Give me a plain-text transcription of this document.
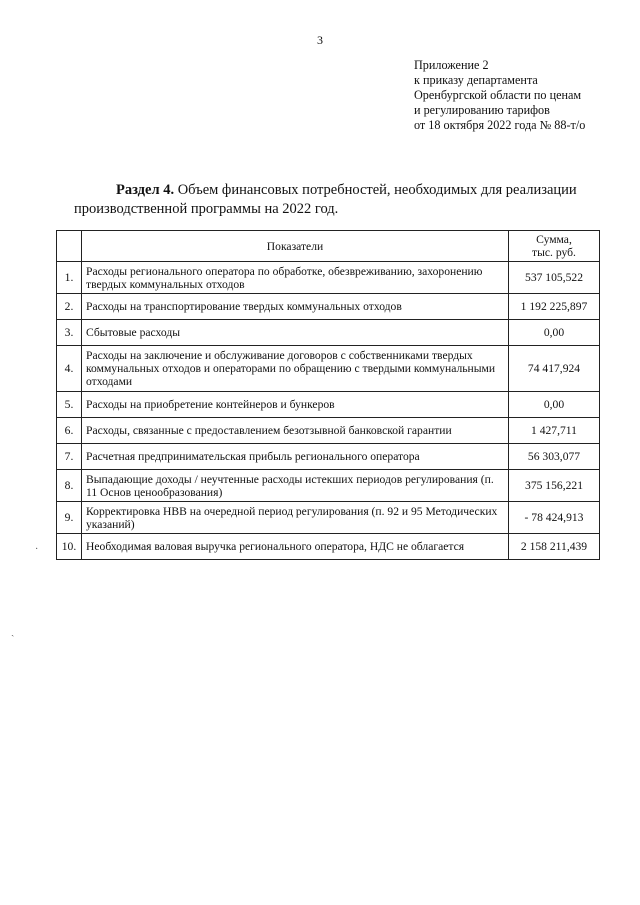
3
Приложение 2
к приказу департамента
Оренбургской области по ценам
и регулированию тарифов
от 18 октября 2022 года № 88-т/о
Раздел 4. Объем финансовых потребностей, необходимых для реализации
производственной программы на 2022 год.
	Показатели	Сумма,
тыс. руб.

1.	Расходы регионального оператора по обработке, обезвреживанию, захоронению твердых коммунальных отходов	537 105,522
2.	Расходы на транспортирование твердых коммунальных отходов	1 192 225,897
3.	Сбытовые расходы	0,00
4.	Расходы на заключение и обслуживание договоров с собственниками твердых коммунальных отходов и операторами по обращению с твердыми коммунальными отходами	74 417,924
5.	Расходы на приобретение контейнеров и бункеров	0,00
6.	Расходы, связанные с предоставлением безотзывной банковской гарантии	1 427,711
7.	Расчетная предпринимательская прибыль регионального оператора	56 303,077
8.	Выпадающие доходы / неучтенные расходы истекших периодов регулирования (п. 11 Основ ценообразования)	375 156,221
9.	Корректировка НВВ на очередной период регулирования (п. 92 и 95 Методических указаний)	- 78 424,913
10.	Необходимая валовая выручка регионального оператора, НДС не облагается	2 158 211,439
·
ˏ
